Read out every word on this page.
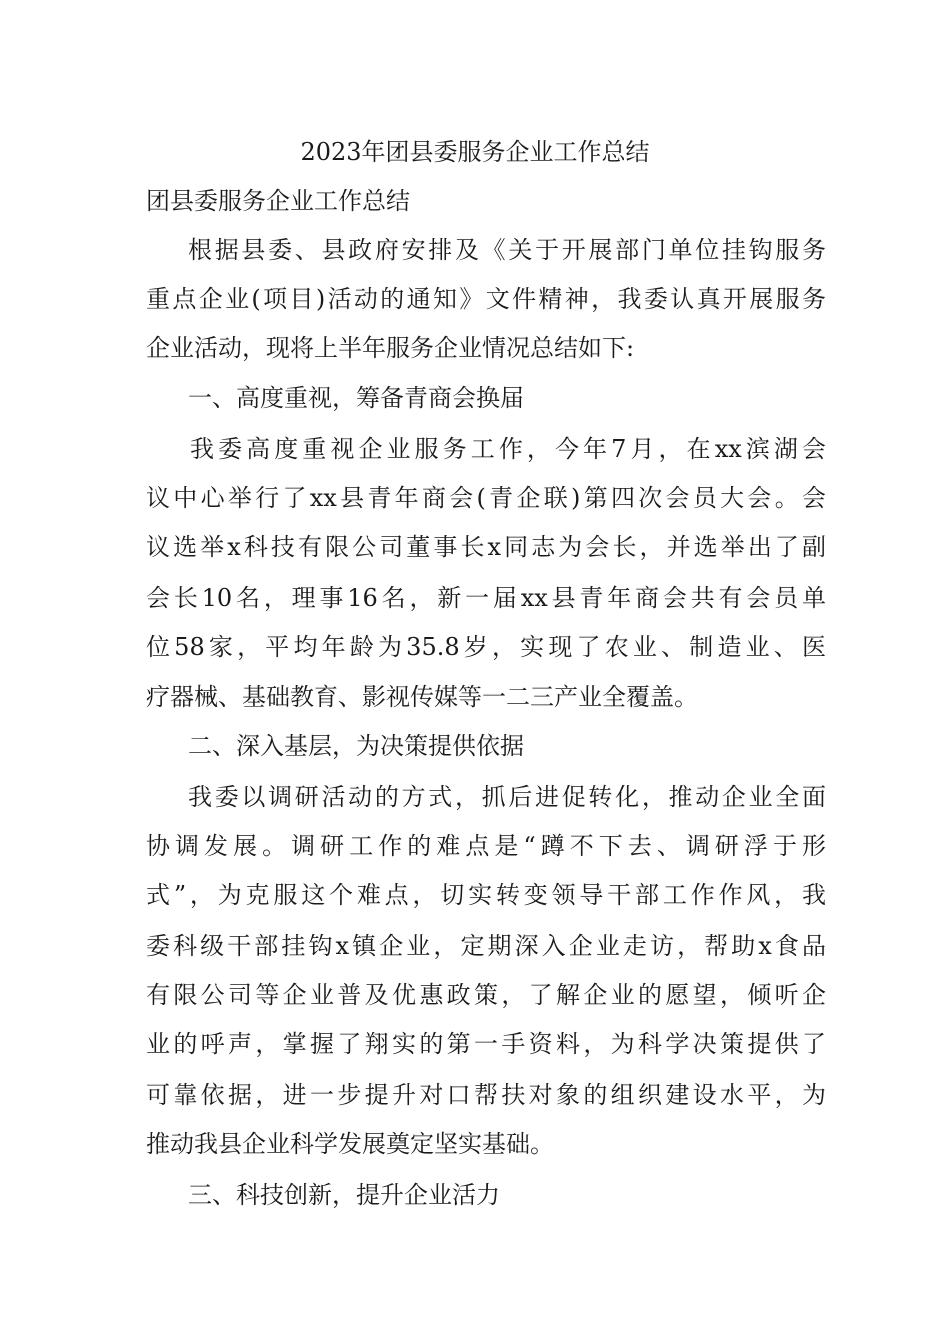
2023年团县委服务企业工作总结
团县委服务企业工作总结
根据县委、县政府安排及《关于开展部门单位挂钩服务
重点企业(项目)活动的通知》文件精神，我委认真开展服务
企业活动，现将上半年服务企业情况总结如下:
一、高度重视，筹备青商会换届
我委高度重视企业服务工作，今年7月，在xx滨湖会
议中心举行了xx县青年商会(青企联)第四次会员大会。会
议选举x科技有限公司董事长x同志为会长，并选举出了副
会长10名，理事16名，新一届xx县青年商会共有会员单
位58家，平均年龄为35.8岁，实现了农业、制造业、医
疗器械、基础教育、影视传媒等一二三产业全覆盖。
二、深入基层，为决策提供依据
我委以调研活动的方式，抓后进促转化，推动企业全面
协调发展。调研工作的难点是“蹲不下去、调研浮于形
式”，为克服这个难点，切实转变领导干部工作作风，我
委科级干部挂钩x镇企业，定期深入企业走访，帮助x食品
有限公司等企业普及优惠政策，了解企业的愿望，倾听企
业的呼声，掌握了翔实的第一手资料，为科学决策提供了
可靠依据，进一步提升对口帮扶对象的组织建设水平，为
推动我县企业科学发展奠定坚实基础。
三、科技创新，提升企业活力
